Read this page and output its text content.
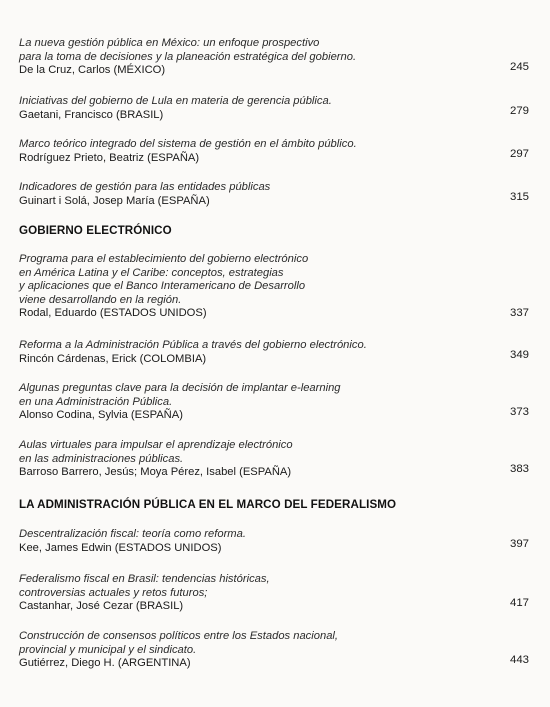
La nueva gestión pública en México: un enfoque prospectivo
para la toma de decisiones y la planeación estratégica del gobierno.
De la Cruz, Carlos (MÉXICO)	245
Iniciativas del gobierno de Lula en materia de gerencia pública.
Gaetani, Francisco (BRASIL)	279
Marco teórico integrado del sistema de gestión en el ámbito público.
Rodríguez Prieto, Beatriz (ESPAÑA)	297
Indicadores de gestión para las entidades públicas
Guinart i Solá, Josep María (ESPAÑA)	315
GOBIERNO ELECTRÓNICO
Programa para el establecimiento del gobierno electrónico
en América Latina y el Caribe: conceptos, estrategias
y aplicaciones que el Banco Interamericano de Desarrollo
viene desarrollando en la región.
Rodal, Eduardo (ESTADOS UNIDOS)	337
Reforma a la Administración Pública a través del gobierno electrónico.
Rincón Cárdenas, Erick (COLOMBIA)	349
Algunas preguntas clave para la decisión de implantar e-learning
en una Administración Pública.
Alonso Codina, Sylvia (ESPAÑA)	373
Aulas virtuales para impulsar el aprendizaje electrónico
en las administraciones públicas.
Barroso Barrero, Jesús; Moya Pérez, Isabel (ESPAÑA)	383
LA ADMINISTRACIÓN PÚBLICA EN EL MARCO DEL FEDERALISMO
Descentralización fiscal: teoría como reforma.
Kee, James Edwin (ESTADOS UNIDOS)	397
Federalismo fiscal en Brasil: tendencias históricas,
controversias actuales y retos futuros;
Castanhar, José Cezar (BRASIL)	417
Construcción de consensos políticos entre los Estados nacional,
provincial y municipal y el sindicato.
Gutiérrez, Diego H. (ARGENTINA)	443
